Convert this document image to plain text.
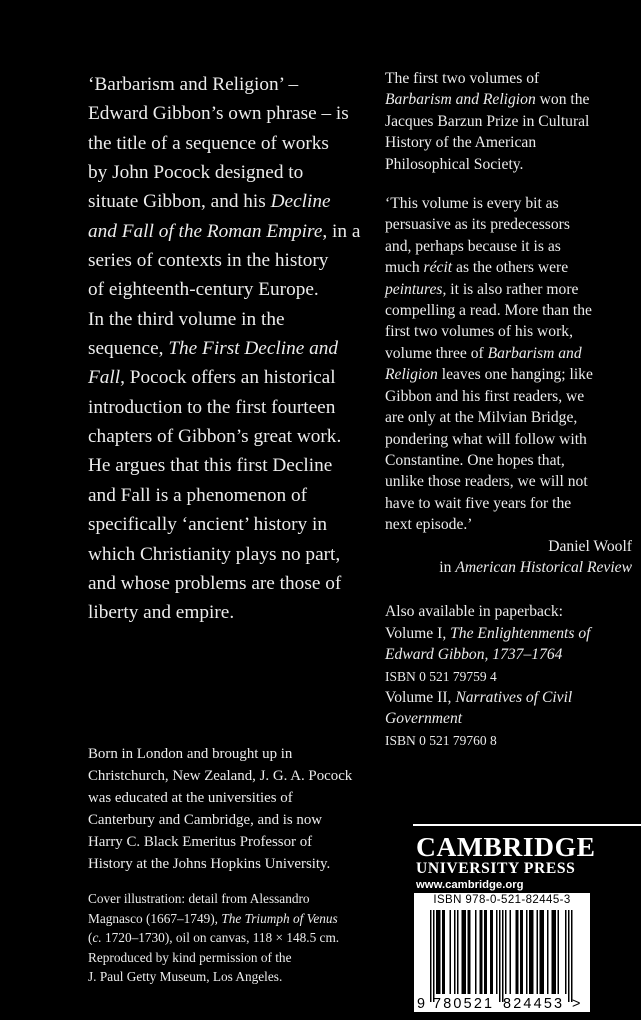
‘Barbarism and Religion’ –
Edward Gibbon’s own phrase – is
the title of a sequence of works
by John Pocock designed to
situate Gibbon, and his Decline
and Fall of the Roman Empire, in a
series of contexts in the history
of eighteenth-century Europe.
In the third volume in the
sequence, The First Decline and
Fall, Pocock offers an historical
introduction to the first fourteen
chapters of Gibbon’s great work.
He argues that this first Decline
and Fall is a phenomenon of
specifically ‘ancient’ history in
which Christianity plays no part,
and whose problems are those of
liberty and empire.
The first two volumes of
Barbarism and Religion won the
Jacques Barzun Prize in Cultural
History of the American
Philosophical Society.
‘This volume is every bit as
persuasive as its predecessors
and, perhaps because it is as
much récit as the others were
peintures, it is also rather more
compelling a read. More than the
first two volumes of his work,
volume three of Barbarism and
Religion leaves one hanging; like
Gibbon and his first readers, we
are only at the Milvian Bridge,
pondering what will follow with
Constantine. One hopes that,
unlike those readers, we will not
have to wait five years for the
next episode.’
Daniel Woolf
in American Historical Review
Also available in paperback:
Volume I, The Enlightenments of
Edward Gibbon, 1737–1764
ISBN 0 521 79759 4
Volume II, Narratives of Civil
Government
ISBN 0 521 79760 8
Born in London and brought up in
Christchurch, New Zealand, J. G. A. Pocock
was educated at the universities of
Canterbury and Cambridge, and is now
Harry C. Black Emeritus Professor of
History at the Johns Hopkins University.
Cover illustration: detail from Alessandro
Magnasco (1667–1749), The Triumph of Venus
(c. 1720–1730), oil on canvas, 118 × 148.5 cm.
Reproduced by kind permission of the
J. Paul Getty Museum, Los Angeles.
CAMBRIDGE
UNIVERSITY PRESS
www.cambridge.org
ISBN 978-0-521-82445-3
9 780521 824453 >
